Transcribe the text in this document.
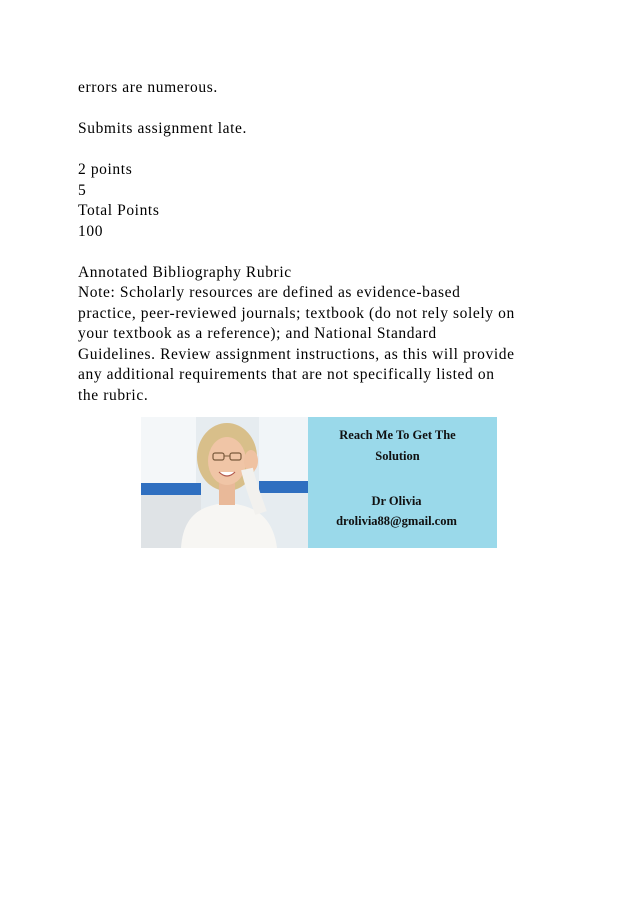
errors are numerous.
Submits assignment late.
2 points
5
Total Points
100
Annotated Bibliography Rubric
Note: Scholarly resources are defined as evidence-based
practice, peer-reviewed journals; textbook (do not rely solely on
your textbook as a reference); and National Standard
Guidelines. Review assignment instructions, as this will provide
any additional requirements that are not specifically listed on
the rubric.
Reach Me To Get The
Solution
Dr Olivia
drolivia88@gmail.com
